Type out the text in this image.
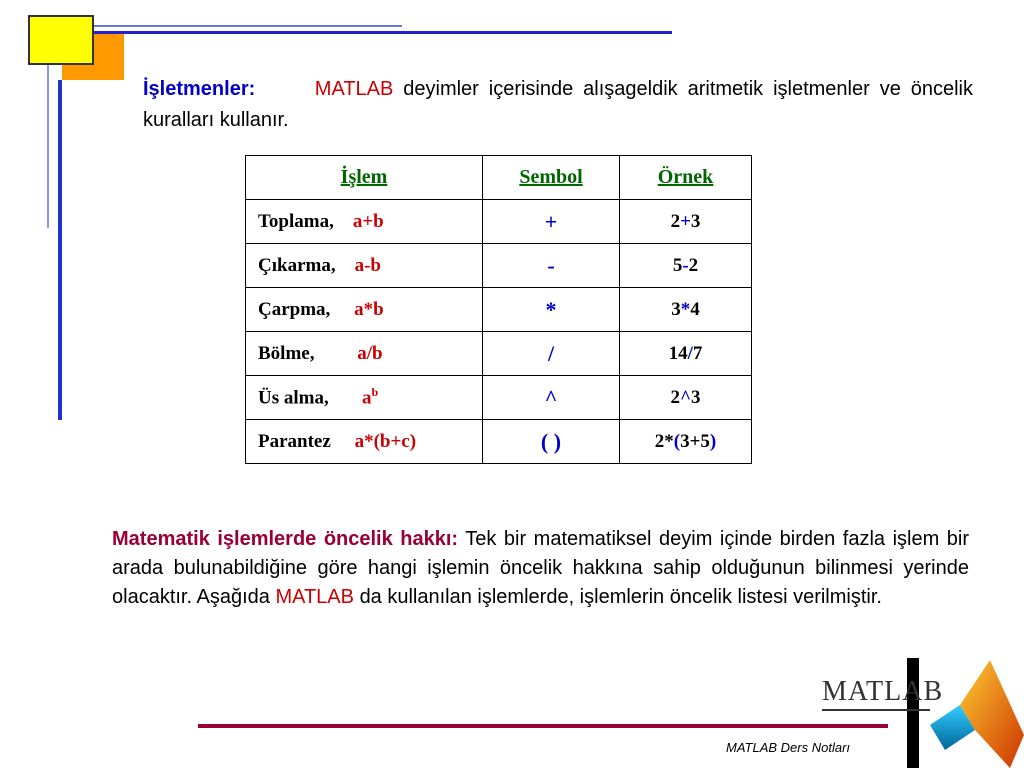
İşletmenler:	MATLAB deyimler içerisinde alışageldik aritmetik işletmenler ve öncelik kuralları kullanır.

İşlem	Sembol	Örnek
Toplama, a+b	+	2+3
Çıkarma, a-b	-	5-2
Çarpma, a*b	*	3*4
Bölme, a/b	/	14/7
Üs alma, $a^b$	^	2^3
Parantez a*(b+c)	( )	2*(3+5)

Matematik işlemlerde öncelik hakkı: Tek bir matematiksel deyim içinde birden fazla işlem bir arada bulunabildiğine göre hangi işlemin öncelik hakkına sahip olduğunun bilinmesi yerinde olacaktır. Aşağıda MATLAB da kullanılan işlemlerde, işlemlerin öncelik listesi verilmiştir.

MATLAB
MATLAB Ders Notları
